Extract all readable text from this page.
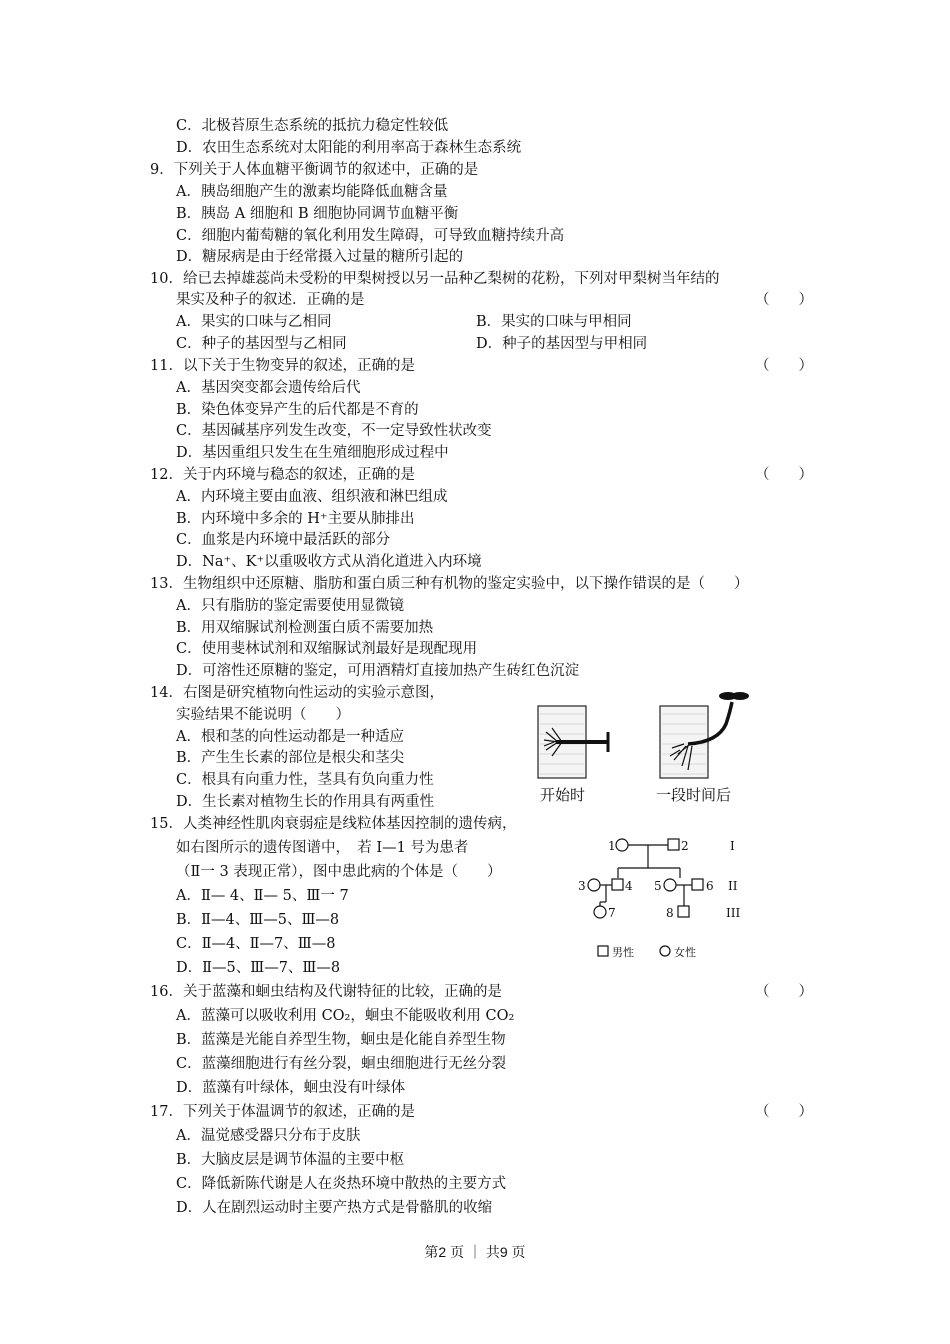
C．北极苔原生态系统的抵抗力稳定性较低
D．农田生态系统对太阳能的利用率高于森林生态系统
9．下列关于人体血糖平衡调节的叙述中，正确的是
A．胰岛细胞产生的激素均能降低血糖含量
B．胰岛 A 细胞和 B 细胞协同调节血糖平衡
C．细胞内葡萄糖的氧化利用发生障碍，可导致血糖持续升高
D．糖尿病是由于经常摄入过量的糖所引起的
10．给已去掉雄蕊尚未受粉的甲梨树授以另一品种乙梨树的花粉，下列对甲梨树当年结的
果实及种子的叙述．正确的是	（　　）
A．果实的口味与乙相同	B．果实的口味与甲相同
C．种子的基因型与乙相同	D．种子的基因型与甲相同
11．以下关于生物变异的叙述，正确的是	（　　）
A．基因突变都会遗传给后代
B．染色体变异产生的后代都是不育的
C．基因碱基序列发生改变，不一定导致性状改变
D．基因重组只发生在生殖细胞形成过程中
12．关于内环境与稳态的叙述，正确的是	（　　）
A．内环境主要由血液、组织液和淋巴组成
B．内环境中多余的 H⁺主要从肺排出
C．血浆是内环境中最活跃的部分
D．Na⁺、K⁺以重吸收方式从消化道进入内环境
13．生物组织中还原糖、脂肪和蛋白质三种有机物的鉴定实验中，以下操作错误的是（　　）
A．只有脂肪的鉴定需要使用显微镜
B．用双缩脲试剂检测蛋白质不需要加热
C．使用斐林试剂和双缩脲试剂最好是现配现用
D．可溶性还原糖的鉴定，可用酒精灯直接加热产生砖红色沉淀
14．右图是研究植物向性运动的实验示意图，
实验结果不能说明（　　）
A．根和茎的向性运动都是一种适应
B．产生生长素的部位是根尖和茎尖
C．根具有向重力性，茎具有负向重力性
D．生长素对植物生长的作用具有两重性
15．人类神经性肌肉衰弱症是线粒体基因控制的遗传病，
如右图所示的遗传图谱中，　若 I—1 号为患者
（Ⅱ一 3 表现正常），图中患此病的个体是（　　）
A．Ⅱ— 4、Ⅱ— 5、Ⅲ一 7
B．Ⅱ—4、Ⅲ—5、Ⅲ—8
C．Ⅱ—4、Ⅱ—7、Ⅲ—8
D．Ⅱ—5、Ⅲ—7、Ⅲ—8
16．关于蓝藻和蛔虫结构及代谢特征的比较，正确的是	（　　）
A．蓝藻可以吸收利用 CO₂，蛔虫不能吸收利用 CO₂
B．蓝藻是光能自养型生物，蛔虫是化能自养型生物
C．蓝藻细胞进行有丝分裂，蛔虫细胞进行无丝分裂
D．蓝藻有叶绿体，蛔虫没有叶绿体
17．下列关于体温调节的叙述，正确的是	（　　）
A．温觉感受器只分布于皮肤
B．大脑皮层是调节体温的主要中枢
C．降低新陈代谢是人在炎热环境中散热的主要方式
D．人在剧烈运动时主要产热方式是骨骼肌的收缩
开始时	一段时间后
1	2	I
3	4 5	6 II
7	8	III
男性	女性
第2 页 ｜ 共9 页
